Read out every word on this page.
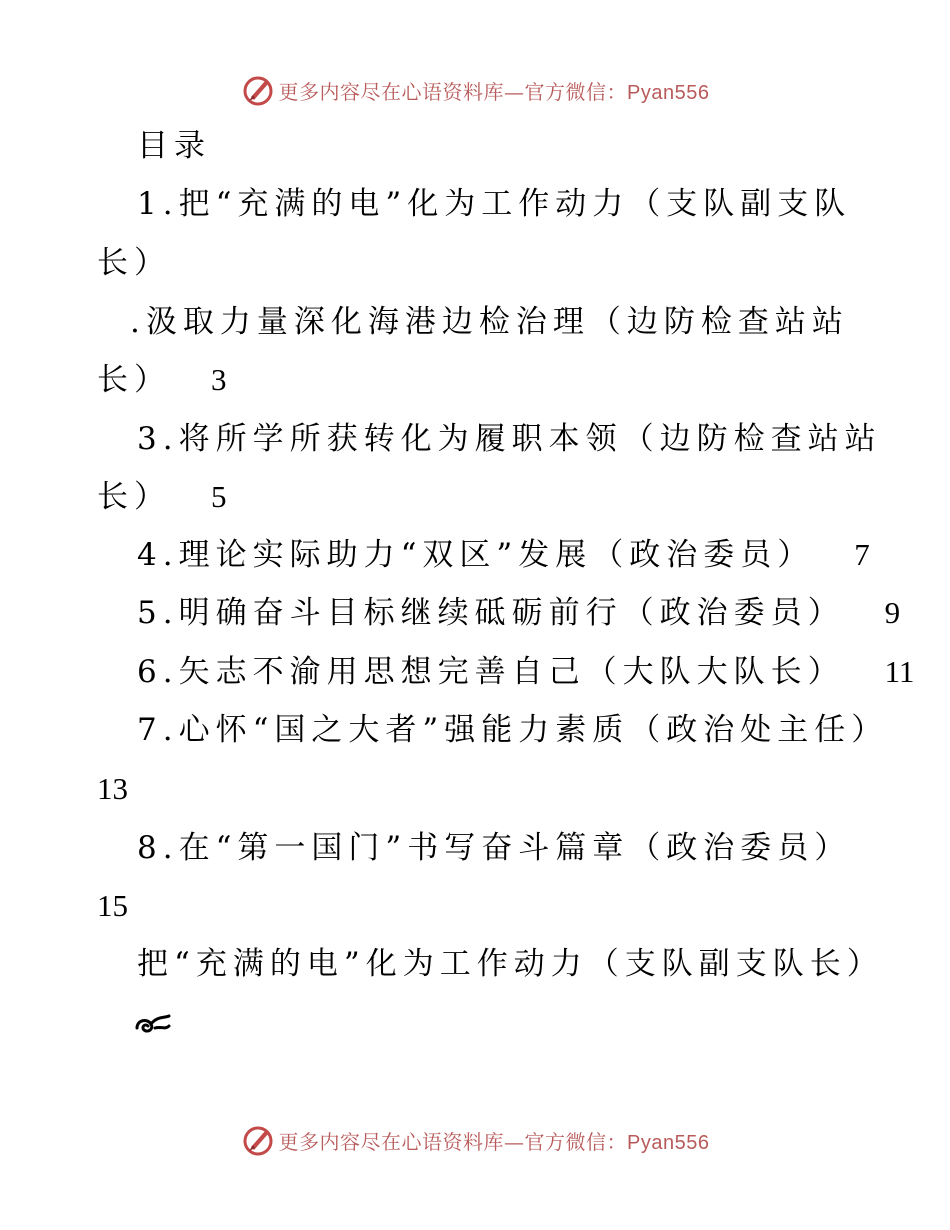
更多内容尽在心语资料库—官方微信：Pyan556
目录
1.把“充满的电”化为工作动力（支队副支队
长）
.汲取力量深化海港边检治理（边防检查站站
长） 3
3.将所学所获转化为履职本领（边防检查站站
长） 5
4.理论实际助力“双区”发展（政治委员） 7
5.明确奋斗目标继续砥砺前行（政治委员） 9
6.矢志不渝用思想完善自己（大队大队长） 11
7.心怀“国之大者”强能力素质（政治处主任）
13
8.在“第一国门”书写奋斗篇章（政治委员）
15
把“充满的电”化为工作动力（支队副支队长）
更多内容尽在心语资料库—官方微信：Pyan556
